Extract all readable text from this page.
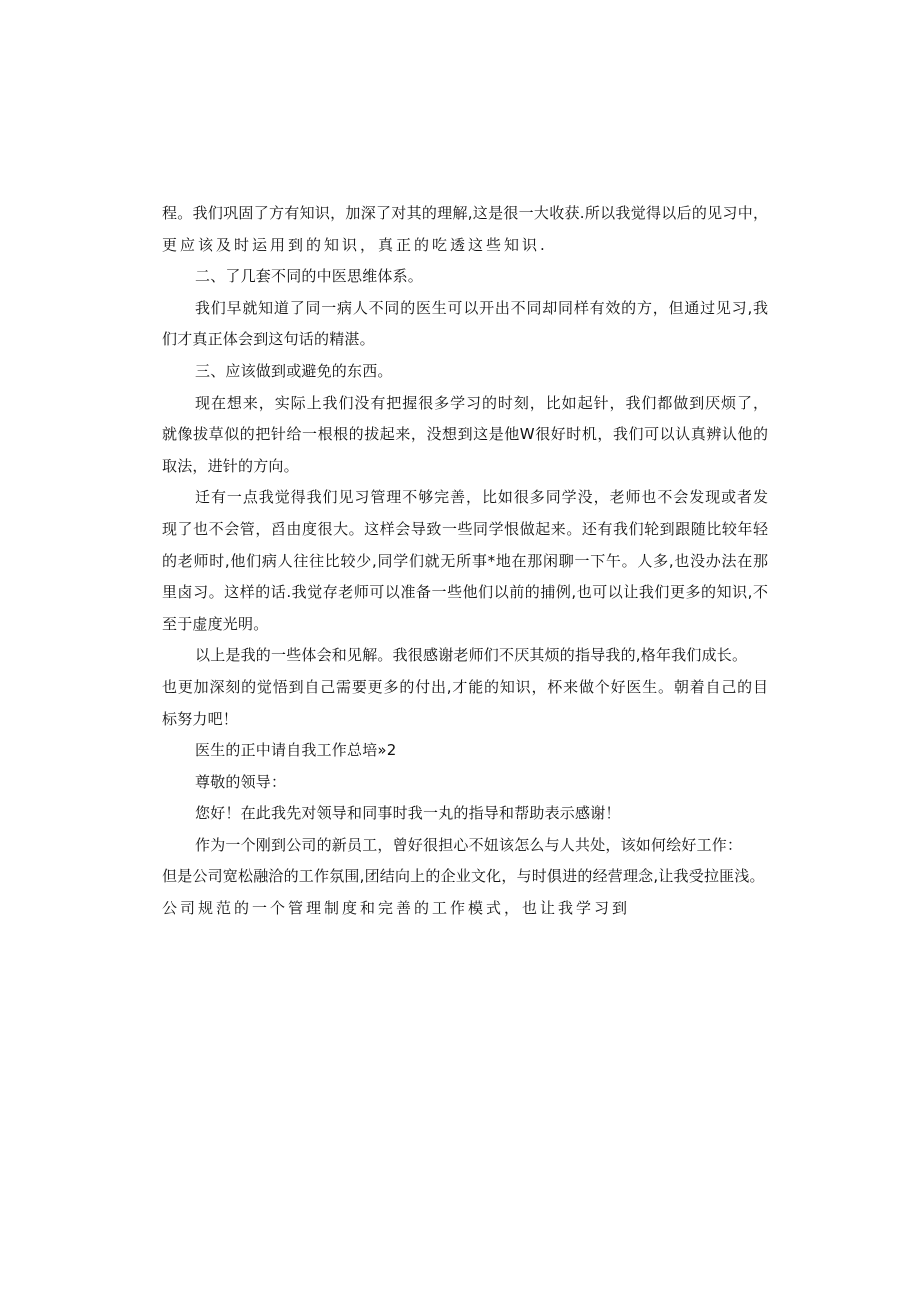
程。我们巩固了方有知识，加深了对其的理解,这是很一大收获.所以我觉得以后的见习中，
更应该及时运用到的知识，真正的吃透这些知识.
二、了几套不同的中医思维体系。
我们早就知道了同一病人不同的医生可以开出不同却同样有效的方，但通过见习,我
们才真正体会到这句话的精湛。
三、应该做到或避免的东西。
现在想来，实际上我们没有把握很多学习的时刻，比如起针，我们都做到厌烦了，
就像拔草似的把针给一根根的拔起来，没想到这是他W很好时机，我们可以认真辨认他的
取法，进针的方向。
迁有一点我觉得我们见习管理不够完善，比如很多同学没，老师也不会发现或者发
现了也不会管，舀由度很大。这样会导致一些同学恨做起来。还有我们轮到跟随比较年轻
的老师时,他们病人往往比较少,同学们就无所事*地在那闲聊一下午。人多,也没办法在那
里卤习。这样的话.我觉存老师可以准备一些他们以前的捕例,也可以让我们更多的知识,不
至于虚度光明。
以上是我的一些体会和见解。我很感谢老师们不厌其烦的指导我的,格年我们成长。
也更加深刻的觉悟到自己需要更多的付出,才能的知识，杯来做个好医生。朝着自己的目
标努力吧！
医生的正中请自我工作总培»2
尊敬的领导：
您好！在此我先对领导和同事时我一丸的指导和帮助表示感谢！
作为一个刚到公司的新员工，曾好很担心不妞该怎么与人共处，该如何绘好工作：
但是公司宽松融洽的工作氛围,团结向上的企业文化，与时俱进的经营理念,让我受拉匪浅。
公司规范的一个管理制度和完善的工作模式，也让我学习到
